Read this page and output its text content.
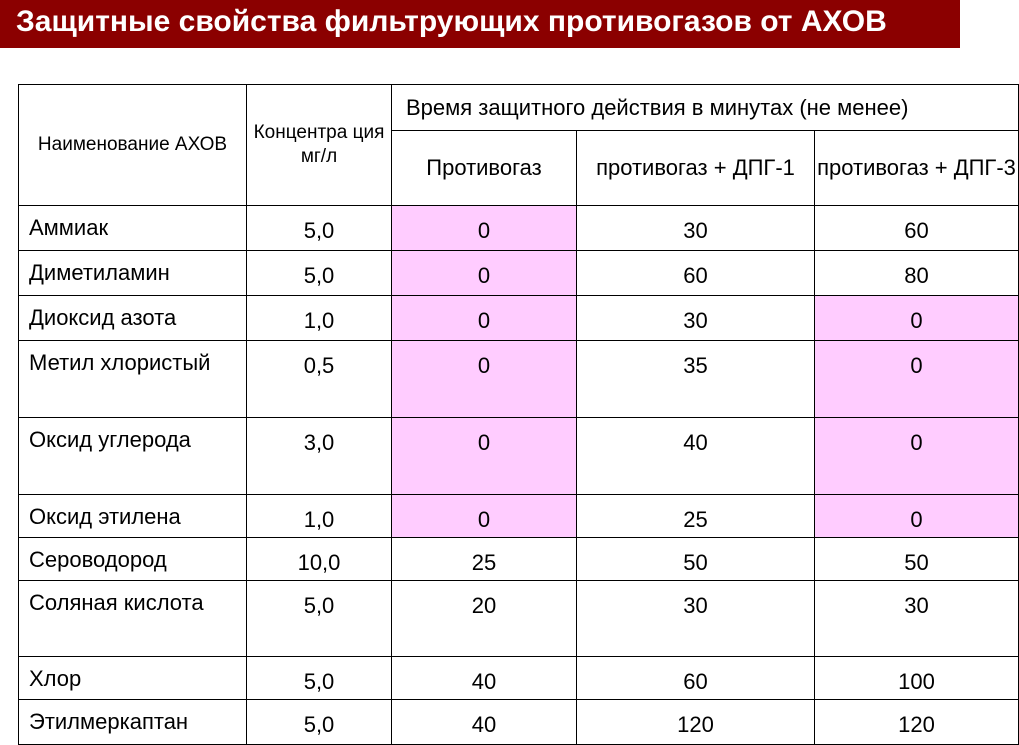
Защитные свойства фильтрующих противогазов от АХОВ
Наименование АХОВ	Концентра ция мг/л	Время защитного действия в минутах (не менее)		
		Противогаз	противогаз + ДПГ-1	противогаз + ДПГ-3
Аммиак	5,0	0	30	60
Диметиламин	5,0	0	60	80
Диоксид азота	1,0	0	30	0
Метил хлористый	0,5	0	35	0
Оксид углерода	3,0	0	40	0
Оксид этилена	1,0	0	25	0
Сероводород	10,0	25	50	50
Соляная кислота	5,0	20	30	30
Хлор	5,0	40	60	100
Этилмеркаптан	5,0	40	120	120
